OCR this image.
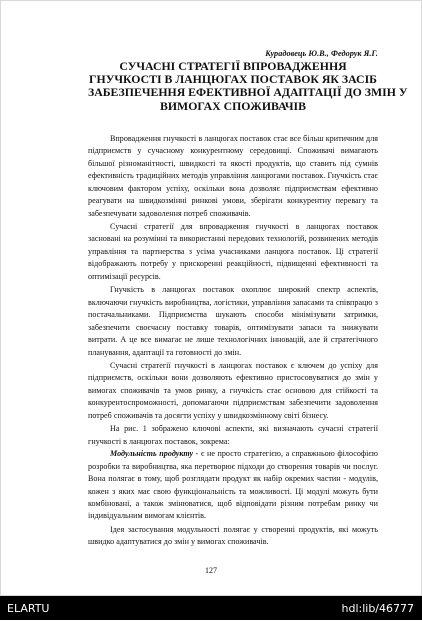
Курадовець Ю.В., Федорук Я.Г.
СУЧАСНІ СТРАТЕГІЇ ВПРОВАДЖЕННЯ
ГНУЧКОСТІ В ЛАНЦЮГАХ ПОСТАВОК ЯК ЗАСІБ
ЗАБЕЗПЕЧЕННЯ ЕФЕКТИВНОЇ АДАПТАЦІЇ ДО ЗМІН У
ВИМОГАХ СПОЖИВАЧІВ

Впровадження гнучкості в ланцюгах поставок стає все більш критичним для підприємств у сучасному конкурентному середовищі. Споживачі вимагають більшої різноманітності, швидкості та якості продуктів, що ставить під сумнів ефективність традиційних методів управління ланцюгами поставок. Гнучкість стає ключовим фактором успіху, оскільки вона дозволяє підприємствам ефективно реагувати на швидкозмінні ринкові умови, зберігати конкурентну перевагу та забезпечувати задоволення потреб споживачів.

Сучасні стратегії для впровадження гнучкості в ланцюгах поставок засновані на розумінні та використанні передових технологій, розвинених методів управління та партнерства з усіма учасниками ланцюга поставок. Ці стратегії відображають потребу у прискоренні реакційності, підвищенні ефективності та оптимізації ресурсів.

Гнучкість в ланцюгах поставок охоплює широкий спектр аспектів, включаючи гнучкість виробництва, логістики, управління запасами та співпрацю з постачальниками. Підприємства шукають способи мінімізувати затримки, забезпечити своєчасну поставку товарів, оптимізувати запаси та знижувати витрати. А це все вимагає не лише технологічних інновацій, але й стратегічного планування, адаптації та готовності до змін.

Сучасні стратегії гнучкості в ланцюгах поставок є ключем до успіху для підприємств, оскільки вони дозволяють ефективно пристосовуватися до змін у вимогах споживачів та умов ринку, а гнучкість стає основою для стійкості та конкурентоспроможності, допомагаючи підприємствам забезпечити задоволення потреб споживачів та досягти успіху у швидкозмінному світі бізнесу.

На рис. 1 зображено ключові аспекти, які визначають сучасні стратегії гнучкості в ланцюгах поставок, зокрема:

Модульність продукту - є не просто стратегією, а справжньою філософією розробки та виробництва, яка перетворює підходи до створення товарів чи послуг. Вона полягає в тому, щоб розглядати продукт як набір окремих частин - модулів, кожен з яких має свою функціональність та можливості. Ці модулі можуть бути комбіновані, а також змінюватися, щоб відповідати різним потребам ринку чи індивідуальним вимогам клієнтів.

Ідея застосування модульності полягає у створенні продуктів, які можуть швидко адаптуватися до змін у вимогах споживачів.

127
ELARTU	hdl:lib/46777
